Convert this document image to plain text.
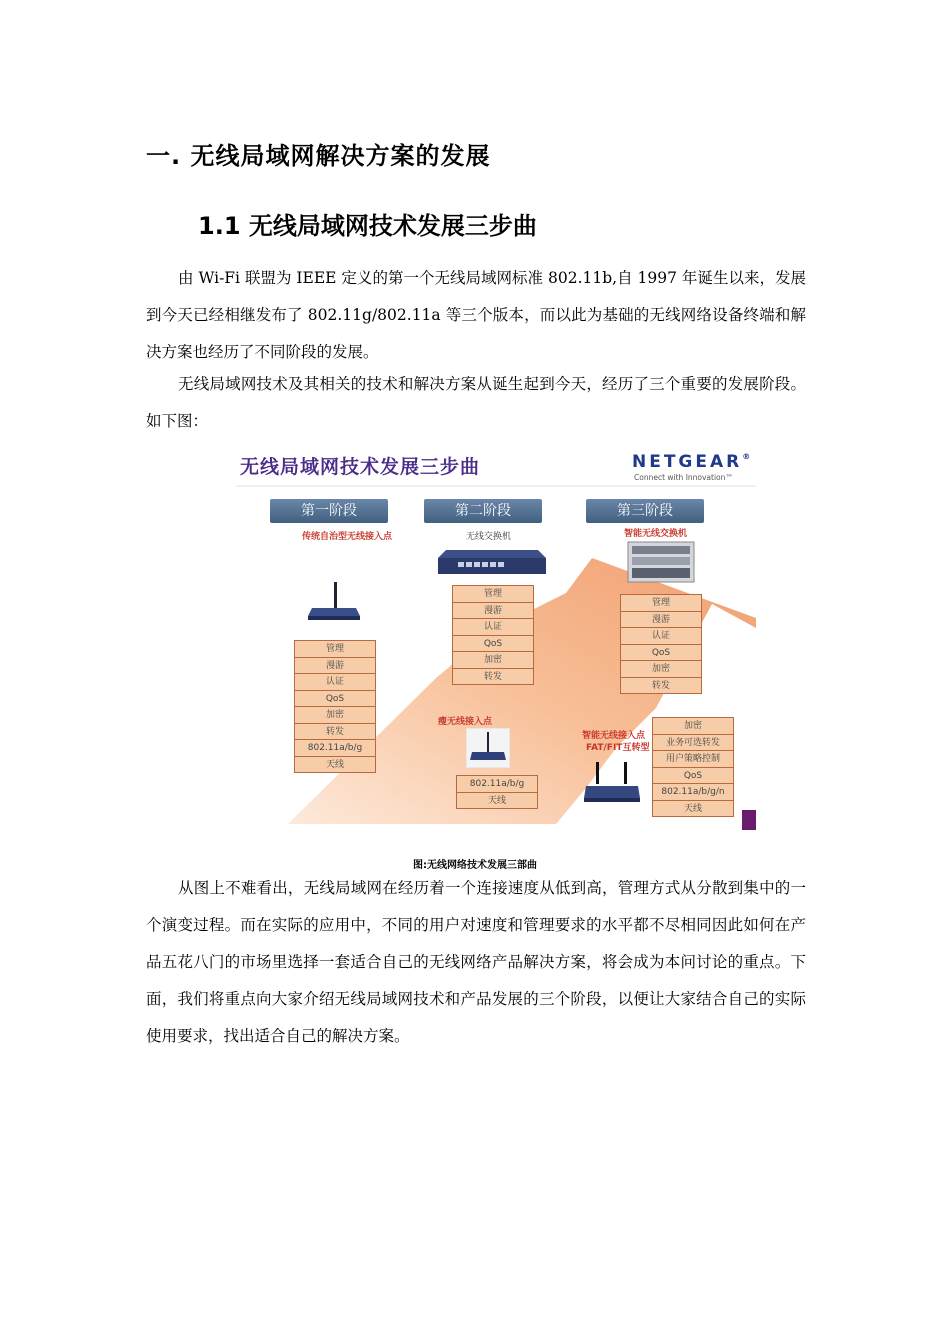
一. 无线局域网解决方案的发展
1.1 无线局域网技术发展三步曲

由 Wi-Fi 联盟为 IEEE 定义的第一个无线局域网标准 802.11b,自 1997 年诞生以来，发展到今天已经相继发布了 802.11g/802.11a 等三个版本，而以此为基础的无线网络设备终端和解决方案也经历了不同阶段的发展。

无线局域网技术及其相关的技术和解决方案从诞生起到今天，经历了三个重要的发展阶段。如下图：

无线局域网技术发展三步曲	NETGEAR®
Connect with Innovation™
第一阶段	第二阶段	第三阶段
传统自治型无线接入点	无线交换机	智能无线交换机
瘦无线接入点
智能无线接入点
FAT/FIT互转型
管理
漫游
认证
QoS
加密
转发
802.11a/b/g
天线
管理
漫游
认证
QoS
加密
转发
802.11a/b/g
天线
管理
漫游
认证
QoS
加密
转发
加密
业务可选转发
用户策略控制
QoS
802.11a/b/g/n
天线
图:无线网络技术发展三部曲

从图上不难看出，无线局域网在经历着一个连接速度从低到高，管理方式从分散到集中的一个演变过程。而在实际的应用中，不同的用户对速度和管理要求的水平都不尽相同因此如何在产品五花八门的市场里选择一套适合自己的无线网络产品解决方案，将会成为本问讨论的重点。下面，我们将重点向大家介绍无线局域网技术和产品发展的三个阶段，以便让大家结合自己的实际使用要求，找出适合自己的解决方案。
